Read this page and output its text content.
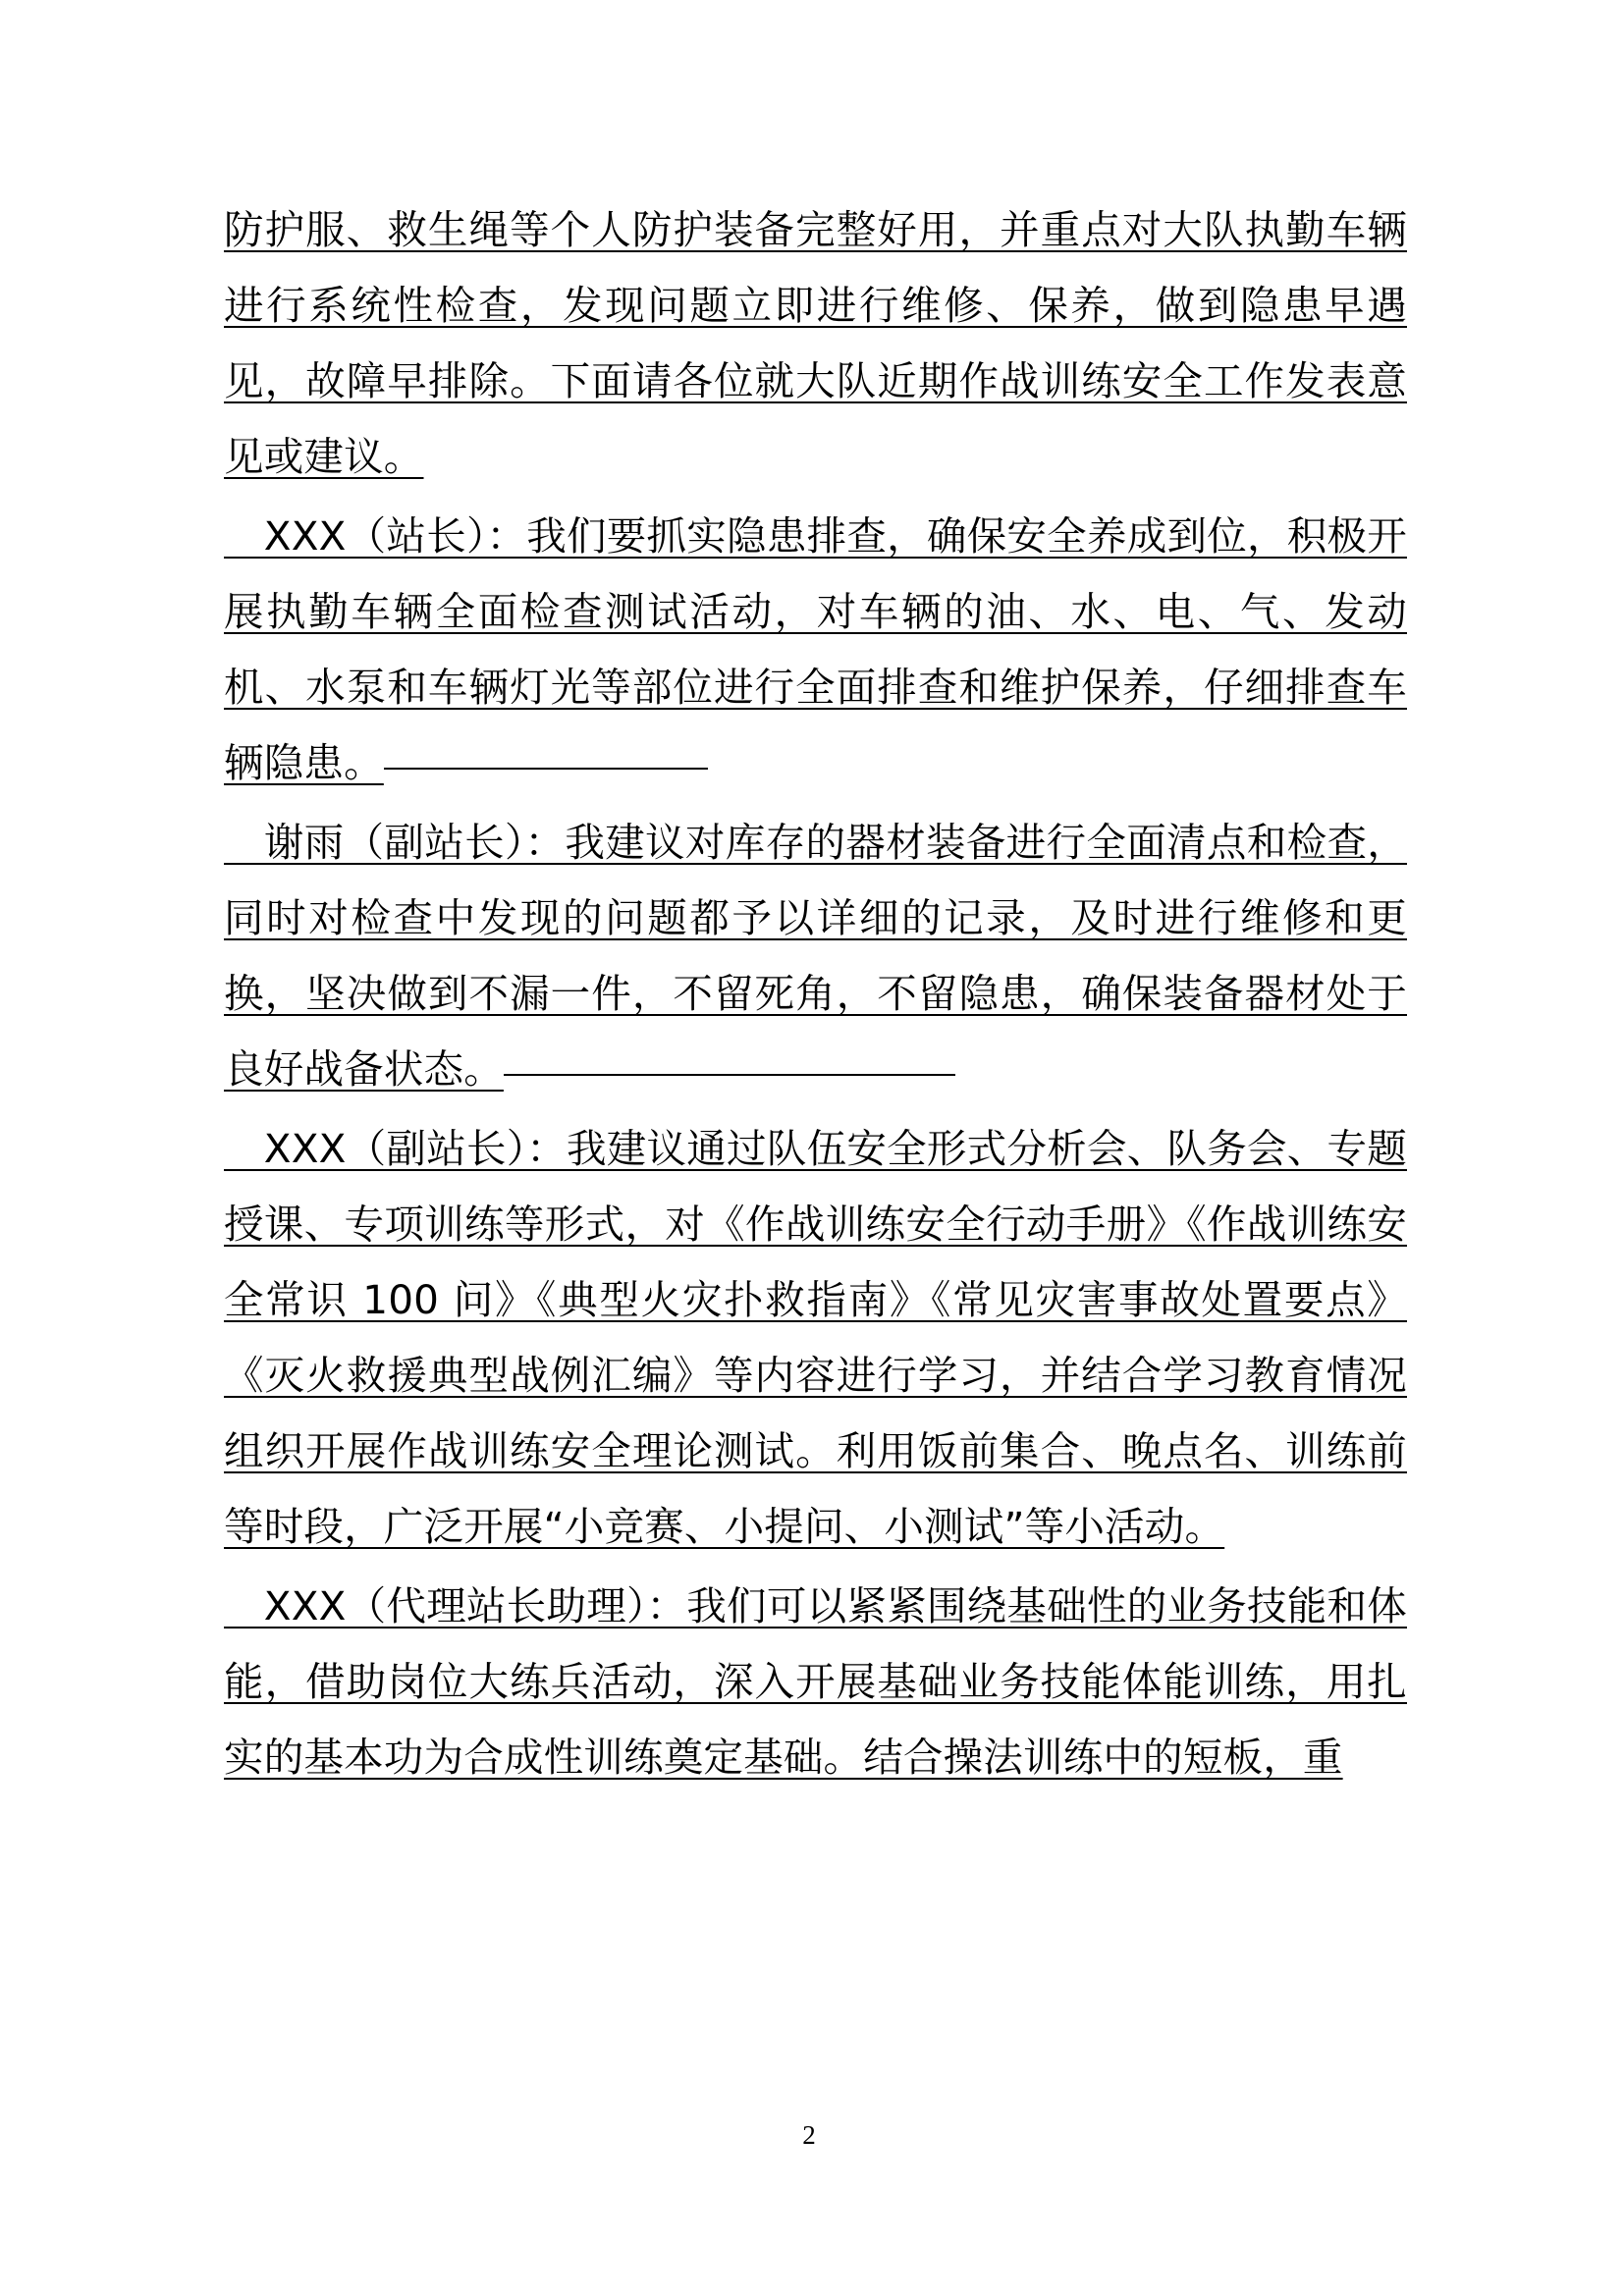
防护服、救生绳等个人防护装备完整好用，并重点对大队执勤车辆进行系统性检查，发现问题立即进行维修、保养，做到隐患早遇见，故障早排除。下面请各位就大队近期作战训练安全工作发表意见或建议。

　XXX（站长）：我们要抓实隐患排查，确保安全养成到位，积极开展执勤车辆全面检查测试活动，对车辆的油、水、电、气、发动机、水泵和车辆灯光等部位进行全面排查和维护保养，仔细排查车辆隐患。

　谢雨（副站长）：我建议对库存的器材装备进行全面清点和检查，同时对检查中发现的问题都予以详细的记录，及时进行维修和更换，坚决做到不漏一件，不留死角，不留隐患，确保装备器材处于良好战备状态。

　XXX（副站长）：我建议通过队伍安全形式分析会、队务会、专题授课、专项训练等形式，对《作战训练安全行动手册》《作战训练安全常识 100 问》《典型火灾扑救指南》《常见灾害事故处置要点》《灭火救援典型战例汇编》等内容进行学习，并结合学习教育情况组织开展作战训练安全理论测试。利用饭前集合、晚点名、训练前等时段，广泛开展“小竞赛、小提问、小测试”等小活动。

　XXX（代理站长助理）：我们可以紧紧围绕基础性的业务技能和体能，借助岗位大练兵活动，深入开展基础业务技能体能训练，用扎实的基本功为合成性训练奠定基础。结合操法训练中的短板，重

2
